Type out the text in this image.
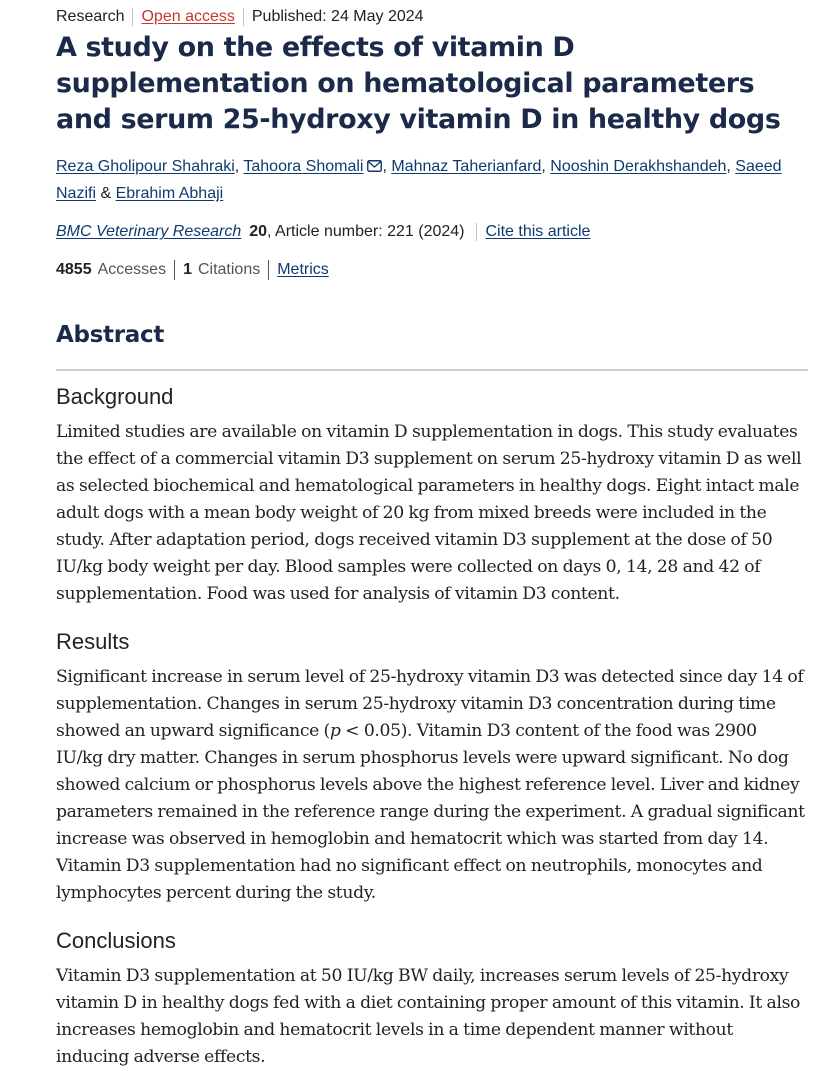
Research Open access Published: 24 May 2024
A study on the effects of vitamin D supplementation on hematological parameters and serum 25-hydroxy vitamin D in healthy dogs
Reza Gholipour Shahraki, Tahoora Shomali , Mahnaz Taherianfard, Nooshin Derakhshandeh, Saeed Nazifi & Ebrahim Abhaji
BMC Veterinary Research 20 , Article number: 221 (2024) Cite this article
4855 Accesses 1 Citations Metrics
Abstract
Background

Limited studies are available on vitamin D supplementation in dogs. This study evaluates the effect of a commercial vitamin D3 supplement on serum 25-hydroxy vitamin D as well as selected biochemical and hematological parameters in healthy dogs. Eight intact male adult dogs with a mean body weight of 20 kg from mixed breeds were included in the study. After adaptation period, dogs received vitamin D3 supplement at the dose of 50 IU/kg body weight per day. Blood samples were collected on days 0, 14, 28 and 42 of supplementation. Food was used for analysis of vitamin D3 content.

Results

Significant increase in serum level of 25-hydroxy vitamin D3 was detected since day 14 of supplementation. Changes in serum 25-hydroxy vitamin D3 concentration during time showed an upward significance (p < 0.05). Vitamin D3 content of the food was 2900 IU/kg dry matter. Changes in serum phosphorus levels were upward significant. No dog showed calcium or phosphorus levels above the highest reference level. Liver and kidney parameters remained in the reference range during the experiment. A gradual significant increase was observed in hemoglobin and hematocrit which was started from day 14. Vitamin D3 supplementation had no significant effect on neutrophils, monocytes and lymphocytes percent during the study.

Conclusions

Vitamin D3 supplementation at 50 IU/kg BW daily, increases serum levels of 25-hydroxy vitamin D in healthy dogs fed with a diet containing proper amount of this vitamin. It also increases hemoglobin and hematocrit levels in a time dependent manner without inducing adverse effects.
